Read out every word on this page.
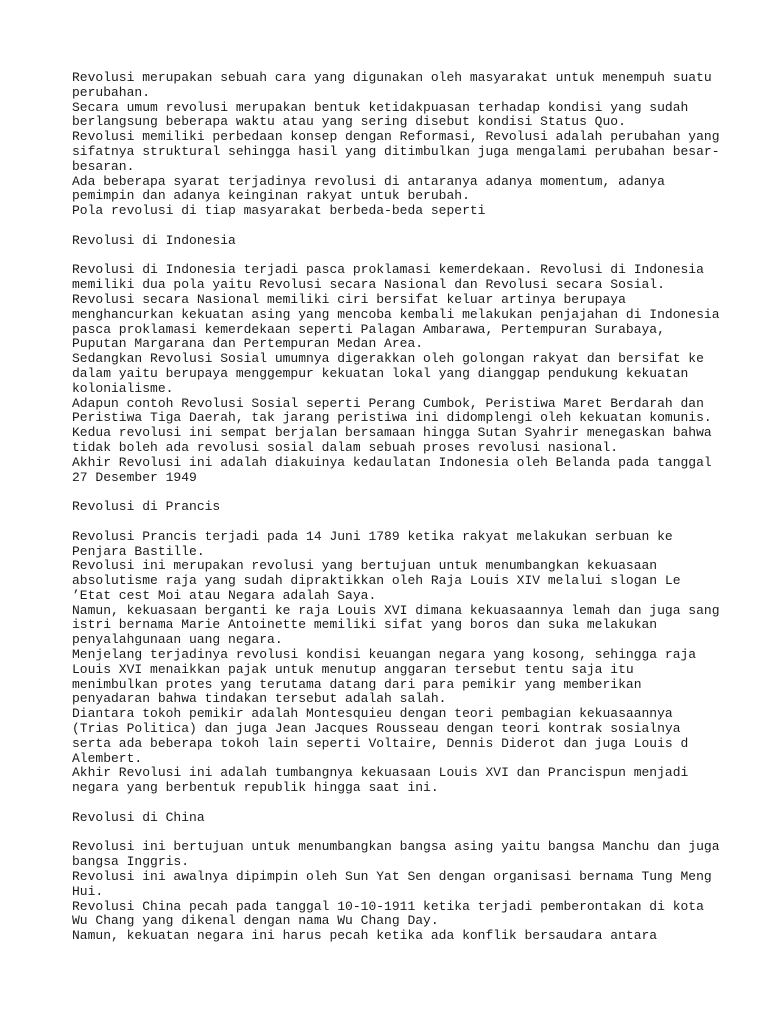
Revolusi merupakan sebuah cara yang digunakan oleh masyarakat untuk menempuh suatu
perubahan.
Secara umum revolusi merupakan bentuk ketidakpuasan terhadap kondisi yang sudah
berlangsung beberapa waktu atau yang sering disebut kondisi Status Quo.
Revolusi memiliki perbedaan konsep dengan Reformasi, Revolusi adalah perubahan yang
sifatnya struktural sehingga hasil yang ditimbulkan juga mengalami perubahan besar-
besaran.
Ada beberapa syarat terjadinya revolusi di antaranya adanya momentum, adanya
pemimpin dan adanya keinginan rakyat untuk berubah.
Pola revolusi di tiap masyarakat berbeda-beda seperti
Revolusi di Indonesia
Revolusi di Indonesia terjadi pasca proklamasi kemerdekaan. Revolusi di Indonesia
memiliki dua pola yaitu Revolusi secara Nasional dan Revolusi secara Sosial.
Revolusi secara Nasional memiliki ciri bersifat keluar artinya berupaya
menghancurkan kekuatan asing yang mencoba kembali melakukan penjajahan di Indonesia
pasca proklamasi kemerdekaan seperti Palagan Ambarawa, Pertempuran Surabaya,
Puputan Margarana dan Pertempuran Medan Area.
Sedangkan Revolusi Sosial umumnya digerakkan oleh golongan rakyat dan bersifat ke
dalam yaitu berupaya menggempur kekuatan lokal yang dianggap pendukung kekuatan
kolonialisme.
Adapun contoh Revolusi Sosial seperti Perang Cumbok, Peristiwa Maret Berdarah dan
Peristiwa Tiga Daerah, tak jarang peristiwa ini didomplengi oleh kekuatan komunis.
Kedua revolusi ini sempat berjalan bersamaan hingga Sutan Syahrir menegaskan bahwa
tidak boleh ada revolusi sosial dalam sebuah proses revolusi nasional.
Akhir Revolusi ini adalah diakuinya kedaulatan Indonesia oleh Belanda pada tanggal
27 Desember 1949
Revolusi di Prancis
Revolusi Prancis terjadi pada 14 Juni 1789 ketika rakyat melakukan serbuan ke
Penjara Bastille.
Revolusi ini merupakan revolusi yang bertujuan untuk menumbangkan kekuasaan
absolutisme raja yang sudah dipraktikkan oleh Raja Louis XIV melalui slogan Le
’Etat cest Moi atau Negara adalah Saya.
Namun, kekuasaan berganti ke raja Louis XVI dimana kekuasaannya lemah dan juga sang
istri bernama Marie Antoinette memiliki sifat yang boros dan suka melakukan
penyalahgunaan uang negara.
Menjelang terjadinya revolusi kondisi keuangan negara yang kosong, sehingga raja
Louis XVI menaikkan pajak untuk menutup anggaran tersebut tentu saja itu
menimbulkan protes yang terutama datang dari para pemikir yang memberikan
penyadaran bahwa tindakan tersebut adalah salah.
Diantara tokoh pemikir adalah Montesquieu dengan teori pembagian kekuasaannya
(Trias Politica) dan juga Jean Jacques Rousseau dengan teori kontrak sosialnya
serta ada beberapa tokoh lain seperti Voltaire, Dennis Diderot dan juga Louis d
Alembert.
Akhir Revolusi ini adalah tumbangnya kekuasaan Louis XVI dan Prancispun menjadi
negara yang berbentuk republik hingga saat ini.
Revolusi di China
Revolusi ini bertujuan untuk menumbangkan bangsa asing yaitu bangsa Manchu dan juga
bangsa Inggris.
Revolusi ini awalnya dipimpin oleh Sun Yat Sen dengan organisasi bernama Tung Meng
Hui.
Revolusi China pecah pada tanggal 10-10-1911 ketika terjadi pemberontakan di kota
Wu Chang yang dikenal dengan nama Wu Chang Day.
Namun, kekuatan negara ini harus pecah ketika ada konflik bersaudara antara
